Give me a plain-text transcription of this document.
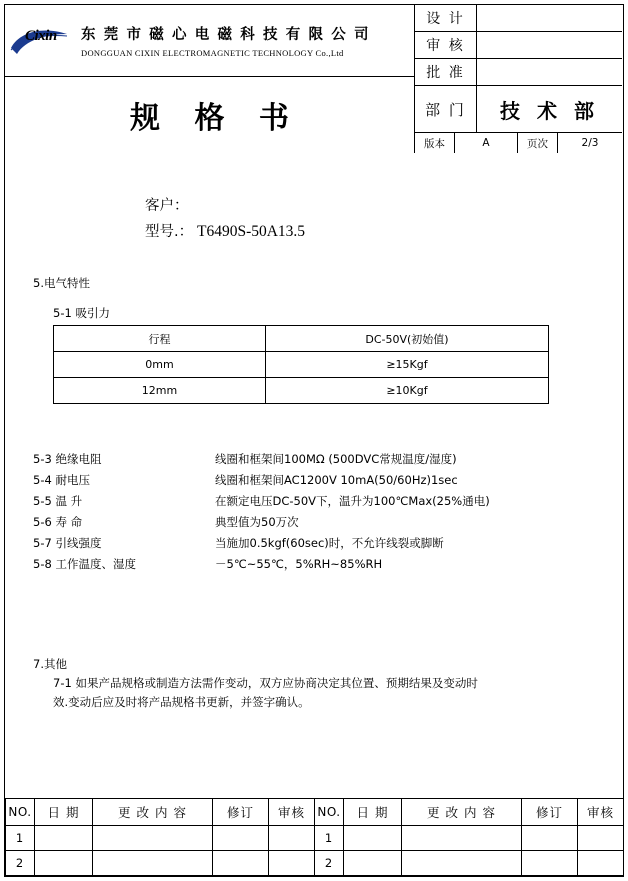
Cixin 东 莞 市 磁 心 电 磁 科 技 有 限 公 司
DONGGUAN CIXIN ELECTROMAGNETIC TECHNOLOGY Co.,Ltd
规 格 书
设 计
审 核
批 准
部 门	技 术 部
版本	A	页次	2/3
客户：
型号.： T6490S-50A13.5
5.电气特性
5-1 吸引力
行程	DC-50V(初始值)
0mm	≥15Kgf
12mm	≥10Kgf
5-3 绝缘电阻	线圈和框架间100MΩ (500DVC常规温度/湿度)
5-4 耐电压	线圈和框架间AC1200V 10mA(50/60Hz)1sec
5-5 温 升	在额定电压DC-50V下，温升为100℃Max(25%通电)
5-6 寿 命	典型值为50万次
5-7 引线强度	当施加0.5kgf(60sec)时，不允许线裂或脚断
5-8 工作温度、湿度	－5℃~55℃，5%RH~85%RH
7.其他
7-1 如果产品规格或制造方法需作变动，双方应协商决定其位置、预期结果及变动时
效.变动后应及时将产品规格书更新，并签字确认。
NO.	日 期	更 改 内 容	修订	审核	NO.	日 期	更 改 内 容	修订	审核
1					1				
2					2				
